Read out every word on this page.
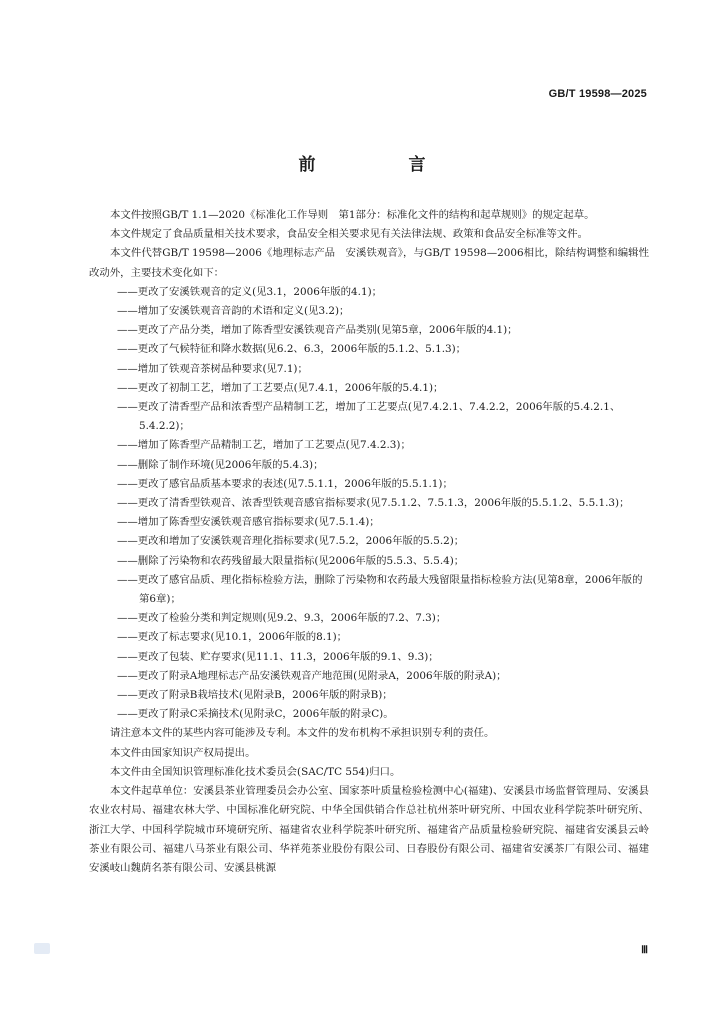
GB/T 19598—2025
前　言

本文件按照GB/T 1.1—2020《标准化工作导则　第1部分：标准化文件的结构和起草规则》的规定起草。

本文件规定了食品质量相关技术要求，食品安全相关要求见有关法律法规、政策和食品安全标准等文件。

本文件代替GB/T 19598—2006《地理标志产品　安溪铁观音》，与GB/T 19598—2006相比，除结构调整和编辑性改动外，主要技术变化如下：

——更改了安溪铁观音的定义(见3.1，2006年版的4.1)；

——增加了安溪铁观音音韵的术语和定义(见3.2)；

——更改了产品分类，增加了陈香型安溪铁观音产品类别(见第5章，2006年版的4.1)；

——更改了气候特征和降水数据(见6.2、6.3，2006年版的5.1.2、5.1.3)；

——增加了铁观音茶树品种要求(见7.1)；

——更改了初制工艺，增加了工艺要点(见7.4.1，2006年版的5.4.1)；

——更改了清香型产品和浓香型产品精制工艺，增加了工艺要点(见7.4.2.1、7.4.2.2，2006年版的5.4.2.1、5.4.2.2)；

——增加了陈香型产品精制工艺，增加了工艺要点(见7.4.2.3)；

——删除了制作环境(见2006年版的5.4.3)；

——更改了感官品质基本要求的表述(见7.5.1.1，2006年版的5.5.1.1)；

——更改了清香型铁观音、浓香型铁观音感官指标要求(见7.5.1.2、7.5.1.3，2006年版的5.5.1.2、5.5.1.3)；

——增加了陈香型安溪铁观音感官指标要求(见7.5.1.4)；

——更改和增加了安溪铁观音理化指标要求(见7.5.2，2006年版的5.5.2)；

——删除了污染物和农药残留最大限量指标(见2006年版的5.5.3、5.5.4)；

——更改了感官品质、理化指标检验方法，删除了污染物和农药最大残留限量指标检验方法(见第8章，2006年版的第6章)；

——更改了检验分类和判定规则(见9.2、9.3，2006年版的7.2、7.3)；

——更改了标志要求(见10.1，2006年版的8.1)；

——更改了包装、贮存要求(见11.1、11.3，2006年版的9.1、9.3)；

——更改了附录A地理标志产品安溪铁观音产地范围(见附录A，2006年版的附录A)；

——更改了附录B栽培技术(见附录B，2006年版的附录B)；

——更改了附录C采摘技术(见附录C，2006年版的附录C)。

请注意本文件的某些内容可能涉及专利。本文件的发布机构不承担识别专利的责任。

本文件由国家知识产权局提出。

本文件由全国知识管理标准化技术委员会(SAC/TC 554)归口。

本文件起草单位：安溪县茶业管理委员会办公室、国家茶叶质量检验检测中心(福建)、安溪县市场监督管理局、安溪县农业农村局、福建农林大学、中国标准化研究院、中华全国供销合作总社杭州茶叶研究所、中国农业科学院茶叶研究所、浙江大学、中国科学院城市环境研究所、福建省农业科学院茶叶研究所、福建省产品质量检验研究院、福建省安溪县云岭茶业有限公司、福建八马茶业有限公司、华祥苑茶业股份有限公司、日春股份有限公司、福建省安溪茶厂有限公司、福建安溪岐山魏荫名茶有限公司、安溪县桃源

Ⅲ
